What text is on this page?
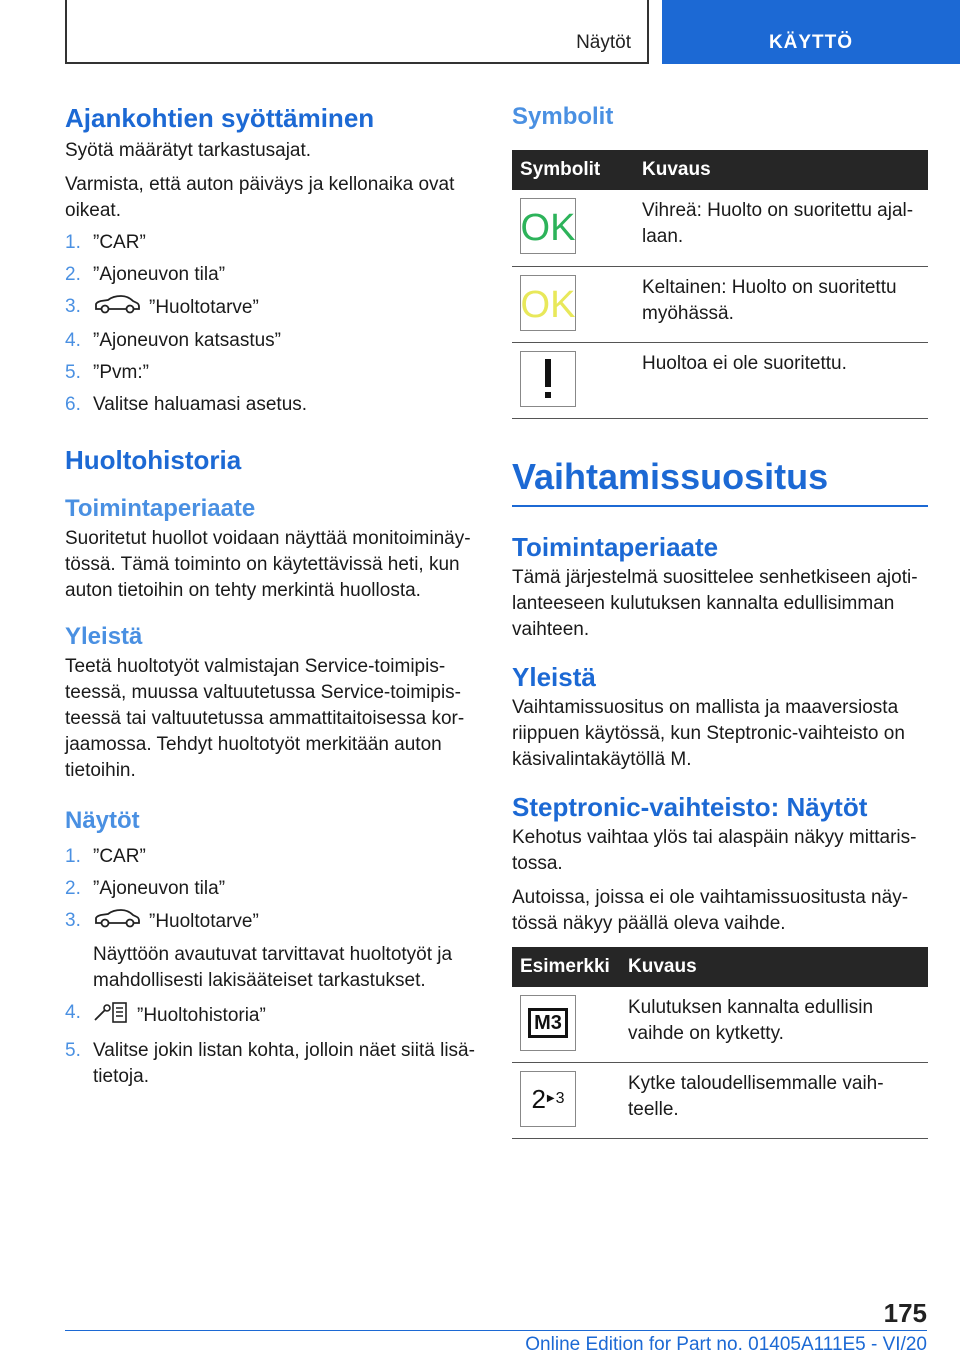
Näytöt	KÄYTTÖ
Ajankohtien syöttäminen

Syötä määrätyt tarkastusajat.

Varmista, että auton päiväys ja kellonaika ovat oikeat.

1. ”CAR”
2. ”Ajoneuvon tila”
3.	”Huoltotarve”
4. ”Ajoneuvon katsastus”
5. ”Pvm:”
6. Valitse haluamasi asetus.
Huoltohistoria
Toimintaperiaate

Suoritetut huollot voidaan näyttää monitoiminäytössä. Tämä toiminto on käytettävissä heti, kun auton tietoihin on tehty merkintä huollosta.

Yleistä

Teetä huoltotyöt valmistajan Service-toimipisteessä, muussa valtuutetussa Service-toimipisteessä tai valtuutetussa ammattitaitoisessa korjaamossa. Tehdyt huoltotyöt merkitään auton tietoihin.

Näytöt
1. ”CAR”
2. ”Ajoneuvon tila”
3.	”Huoltotarve”

Näyttöön avautuvat tarvittavat huoltotyöt ja mahdollisesti lakisääteiset tarkastukset.
4.	”Huoltohistoria”
5. Valitse jokin listan kohta, jolloin näet siitä lisätietoja.
Symbolit
Symbolit	Kuvaus

OK	Vihreä: Huolto on suoritettu ajallaan.

OK	Keltainen: Huolto on suoritettu myöhässä.

	Huoltoa ei ole suoritettu.
Vaihtamissuositus
Toimintaperiaate

Tämä järjestelmä suosittelee senhetkiseen ajotilanteeseen kulutuksen kannalta edullisimman vaihteen.

Yleistä

Vaihtamissuositus on mallista ja maaversiosta riippuen käytössä, kun Steptronic-vaihteisto on käsivalintakäytöllä M.

Steptronic-vaihteisto: Näytöt

Kehotus vaihtaa ylös tai alaspäin näkyy mittaristossa.

Autoissa, joissa ei ole vaihtamissuositusta näytössä näkyy päällä oleva vaihde.

Esimerkki	Kuvaus

M3	Kulutuksen kannalta edullisin vaihde on kytketty.

2 ▶ 3	Kytke taloudellisemmalle vaihteelle.
175
Online Edition for Part no. 01405A111E5 - VI/20
